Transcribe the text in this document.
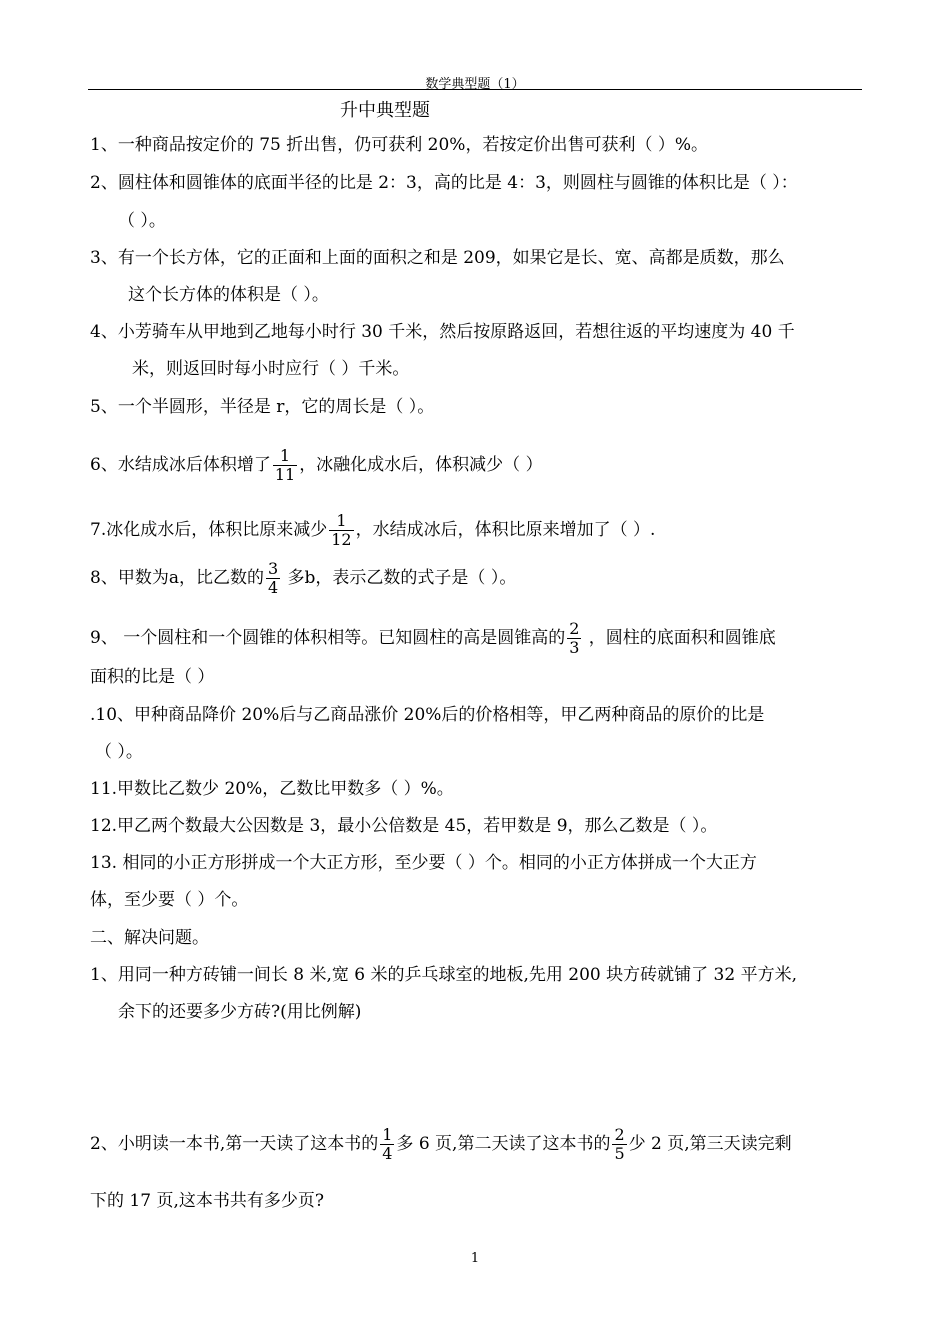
数学典型题（1）
升中典型题
1、一种商品按定价的 75 折出售，仍可获利 20%，若按定价出售可获利（ ）%。
2、圆柱体和圆锥体的底面半径的比是 2：3，高的比是 4：3，则圆柱与圆锥的体积比是（ ）：
（ ）。
3、有一个长方体，它的正面和上面的面积之和是 209，如果它是长、宽、高都是质数，那么
这个长方体的体积是（ ）。
4、小芳骑车从甲地到乙地每小时行 30 千米，然后按原路返回，若想往返的平均速度为 40 千
米，则返回时每小时应行（ ）千米。
5、一个半圆形，半径是 r，它的周长是（ ）。
6、水结成冰后体积增了 $\frac{1}{11}$ ，冰融化成水后，体积减少（ ）
7.冰化成水后，体积比原来减少 $\frac{1}{12}$ ，水结成冰后，体积比原来增加了（ ）.
8、甲数为a，比乙数的 $\frac{3}{4}$ 多b，表示乙数的式子是（ ）。
9、 一个圆柱和一个圆锥的体积相等。已知圆柱的高是圆锥高的 $\frac{2}{3}$ ，圆柱的底面积和圆锥底
面积的比是（ ）
.10、甲种商品降价 20%后与乙商品涨价 20%后的价格相等，甲乙两种商品的原价的比是
（ ）。
11.甲数比乙数少 20%，乙数比甲数多（ ）%。
12.甲乙两个数最大公因数是 3，最小公倍数是 45，若甲数是 9，那么乙数是（ ）。
13. 相同的小正方形拼成一个大正方形，至少要（ ）个。相同的小正方体拼成一个大正方
体，至少要（ ）个。
二、解决问题。
1、用同一种方砖铺一间长 8 米,宽 6 米的乒乓球室的地板,先用 200 块方砖就铺了 32 平方米,
余下的还要多少方砖?(用比例解)
2、小明读一本书,第一天读了这本书的 $\frac{1}{4}$ 多 6 页,第二天读了这本书的 $\frac{2}{5}$ 少 2 页,第三天读完剩
下的 17 页,这本书共有多少页?
1
